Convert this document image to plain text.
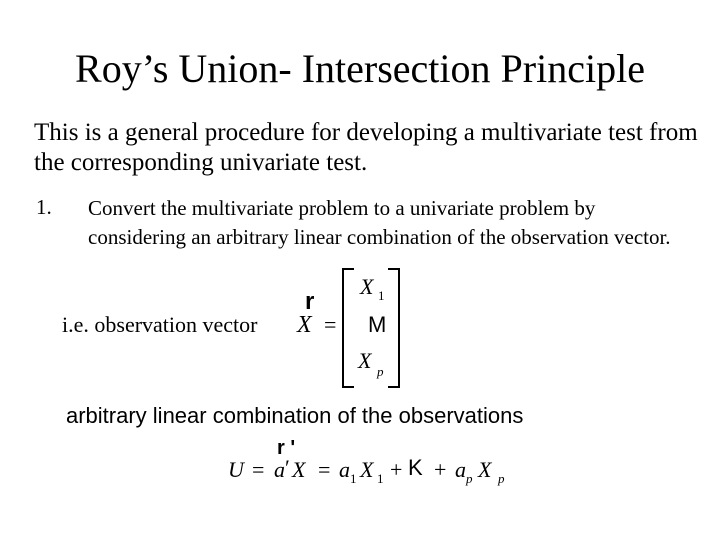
Roy’s Union- Intersection Principle
This is a general procedure for developing a multivariate test from the corresponding univariate test.
1. Convert the multivariate problem to a univariate problem by considering an arbitrary linear combination of the observation vector.
i.e. observation vector
r
X =
X 1
M
X p
arbitrary linear combination of the observations
r '
U = a ′ X = a 1 X 1 + K + a p X p
